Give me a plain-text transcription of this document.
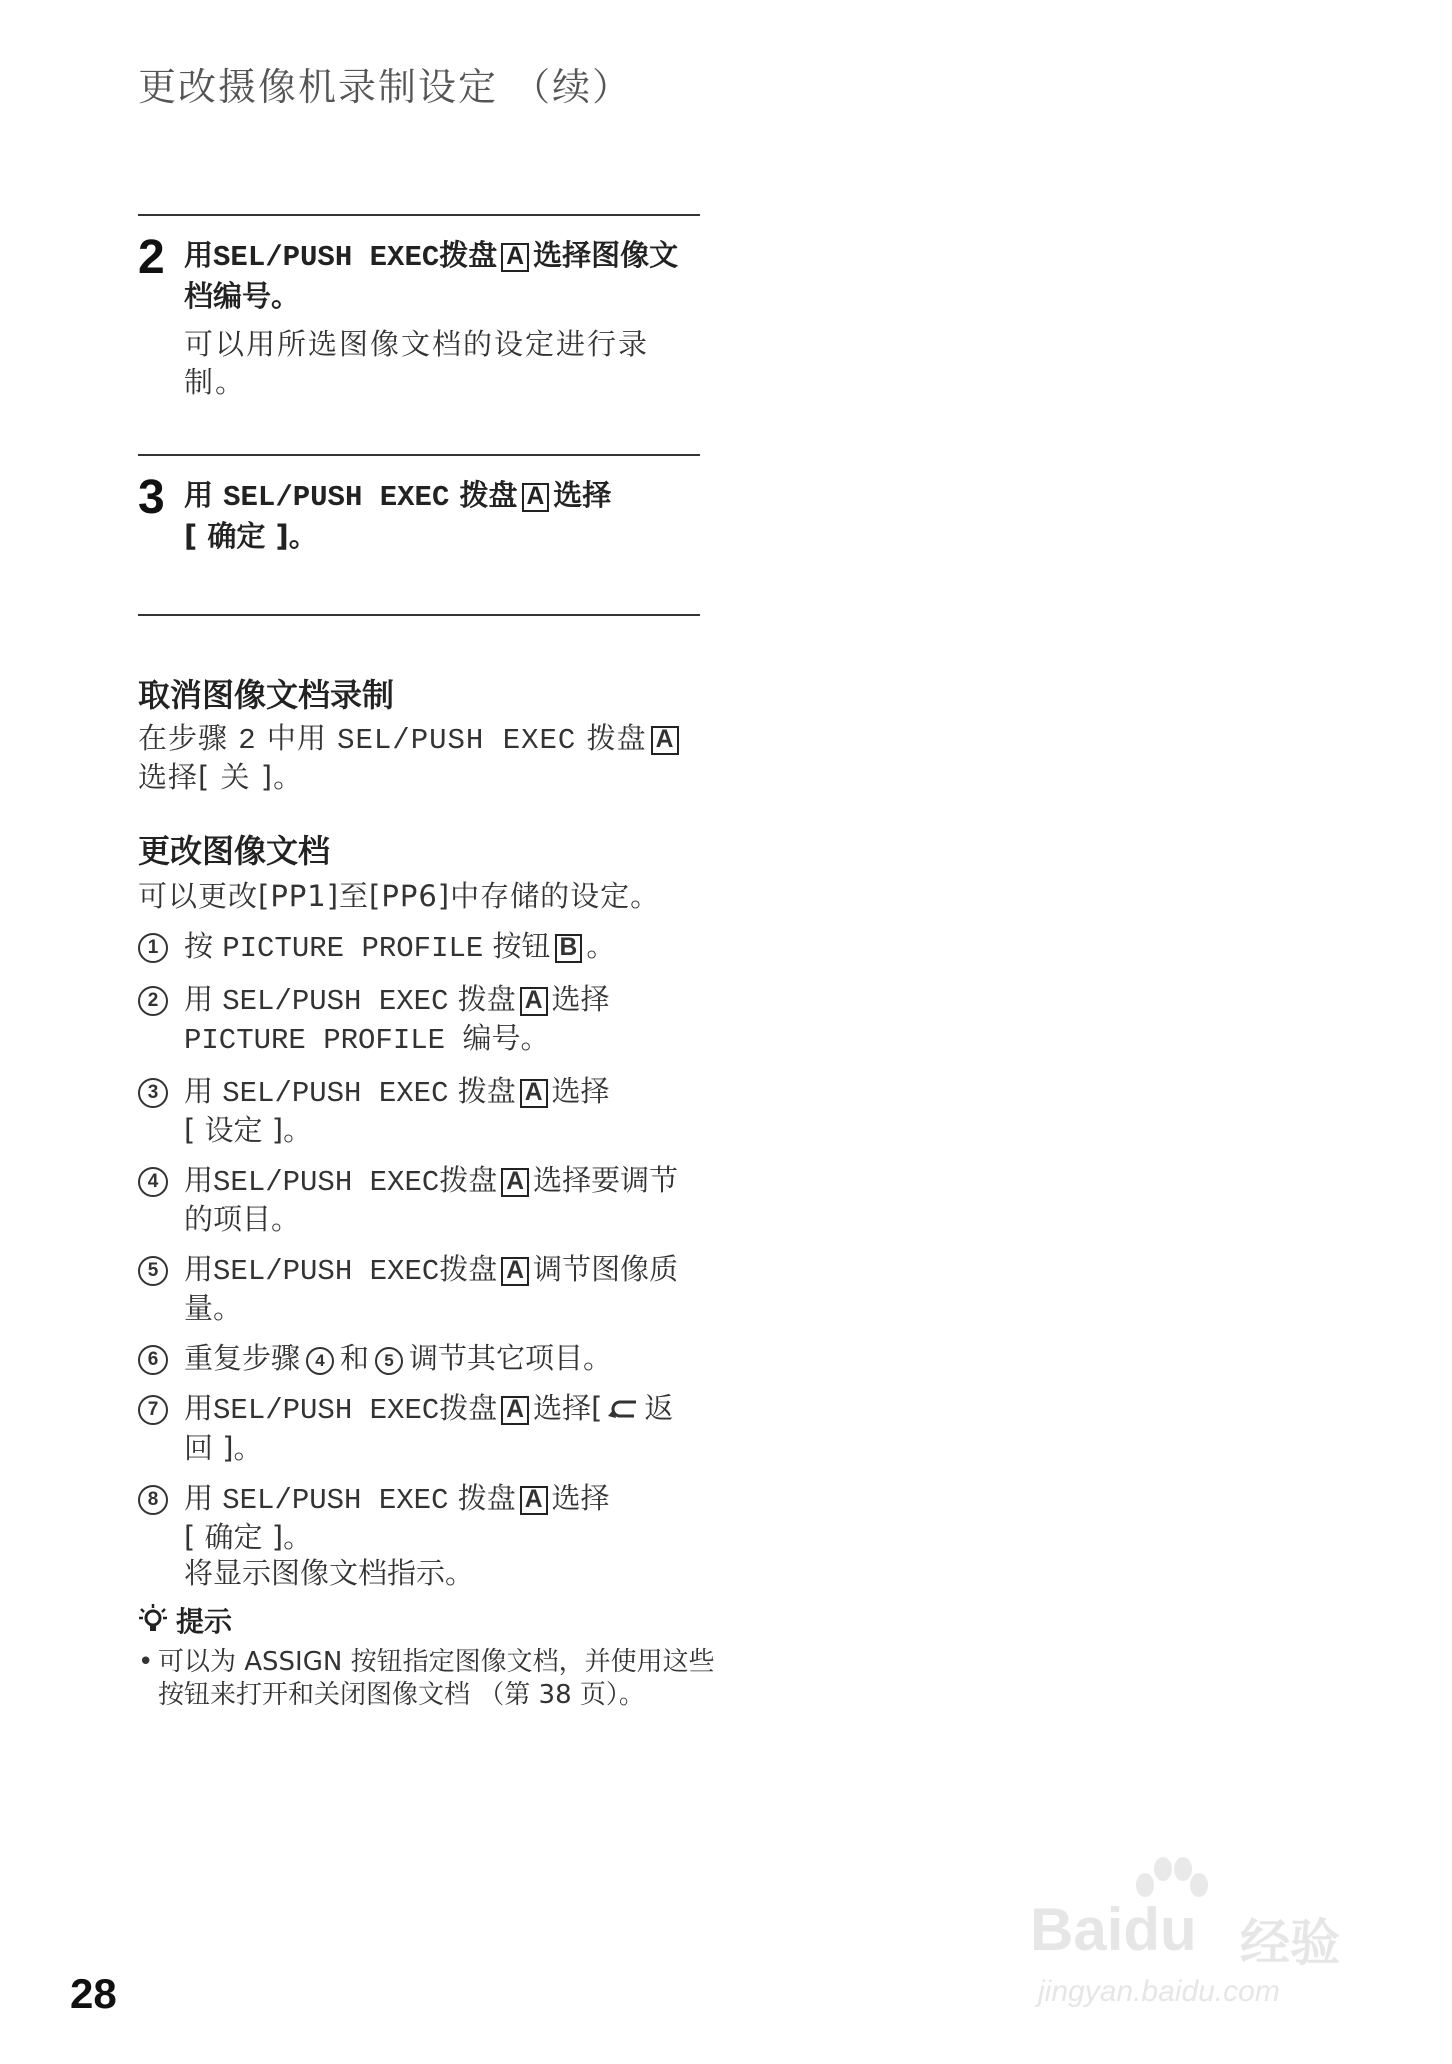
更改摄像机录制设定 （续）
2 用SEL/PUSH EXEC拨盘 A 选择图像文
档编号。
可以用所选图像文档的设定进行录制。
3 用 SEL/PUSH EXEC 拨盘 A 选择
[ 确定 ]。
取消图像文档录制
在步骤 2 中用 SEL/PUSH EXEC 拨盘 A选择[ 关 ]。
更改图像文档
可以更改[PP1]至[PP6]中存储的设定。
1 按 PICTURE PROFILE 按钮 B 。
2 用 SEL/PUSH EXEC 拨盘 A 选择
PICTURE PROFILE 编号。
3 用 SEL/PUSH EXEC 拨盘 A 选择
[ 设定 ]。
4 用SEL/PUSH EXEC拨盘 A 选择要调节
的项目。
5 用SEL/PUSH EXEC拨盘 A 调节图像质
量。
6 重复步骤 4 和 5 调节其它项目。
7 用SEL/PUSH EXEC拨盘 A 选择[ 返
回 ]。
8 用 SEL/PUSH EXEC 拨盘 A 选择
[ 确定 ]。
将显示图像文档指示。
提示
• 可以为 ASSIGN 按钮指定图像文档，并使用这些按钮来打开和关闭图像文档 （第 38 页）。
28
Baidu 经验
jingyan.baidu.com
